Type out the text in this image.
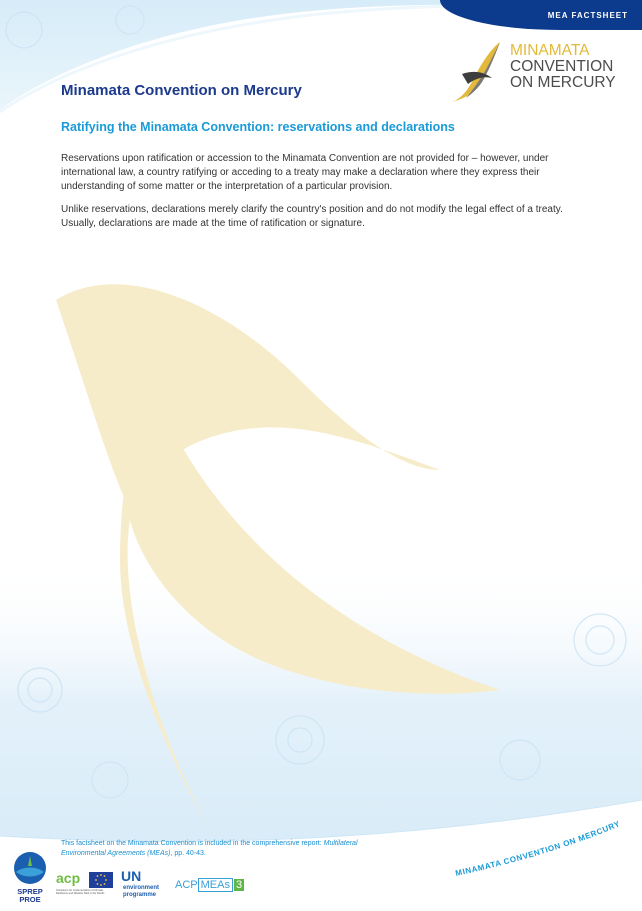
MINAMATA CONVENTION ON MERCURY
MEA FACTSHEET
MINAMATA
CONVENTION
ON MERCURY
Minamata Convention on Mercury
Ratifying the Minamata Convention: reservations and declarations

Reservations upon ratification or accession to the Minamata Convention are not provided for – however, under international law, a country ratifying or acceding to a treaty may make a declaration where they express their understanding of some matter or the interpretation of a particular provision.

Unlike reservations, declarations merely clarify the country's position and do not modify the legal effect of a treaty. Usually, declarations are made at the time of ratification or signature.

This factsheet on the Minamata Convention is included in the comprehensive report: Multilateral Environmental Agreements (MEAs), pp. 40-43.
SPREP
PROE
acp
Institutions for Implementation of Climate, Resilience and Disaster Risk in the Pacific
UN
environment
programme
ACP MEAs 3
